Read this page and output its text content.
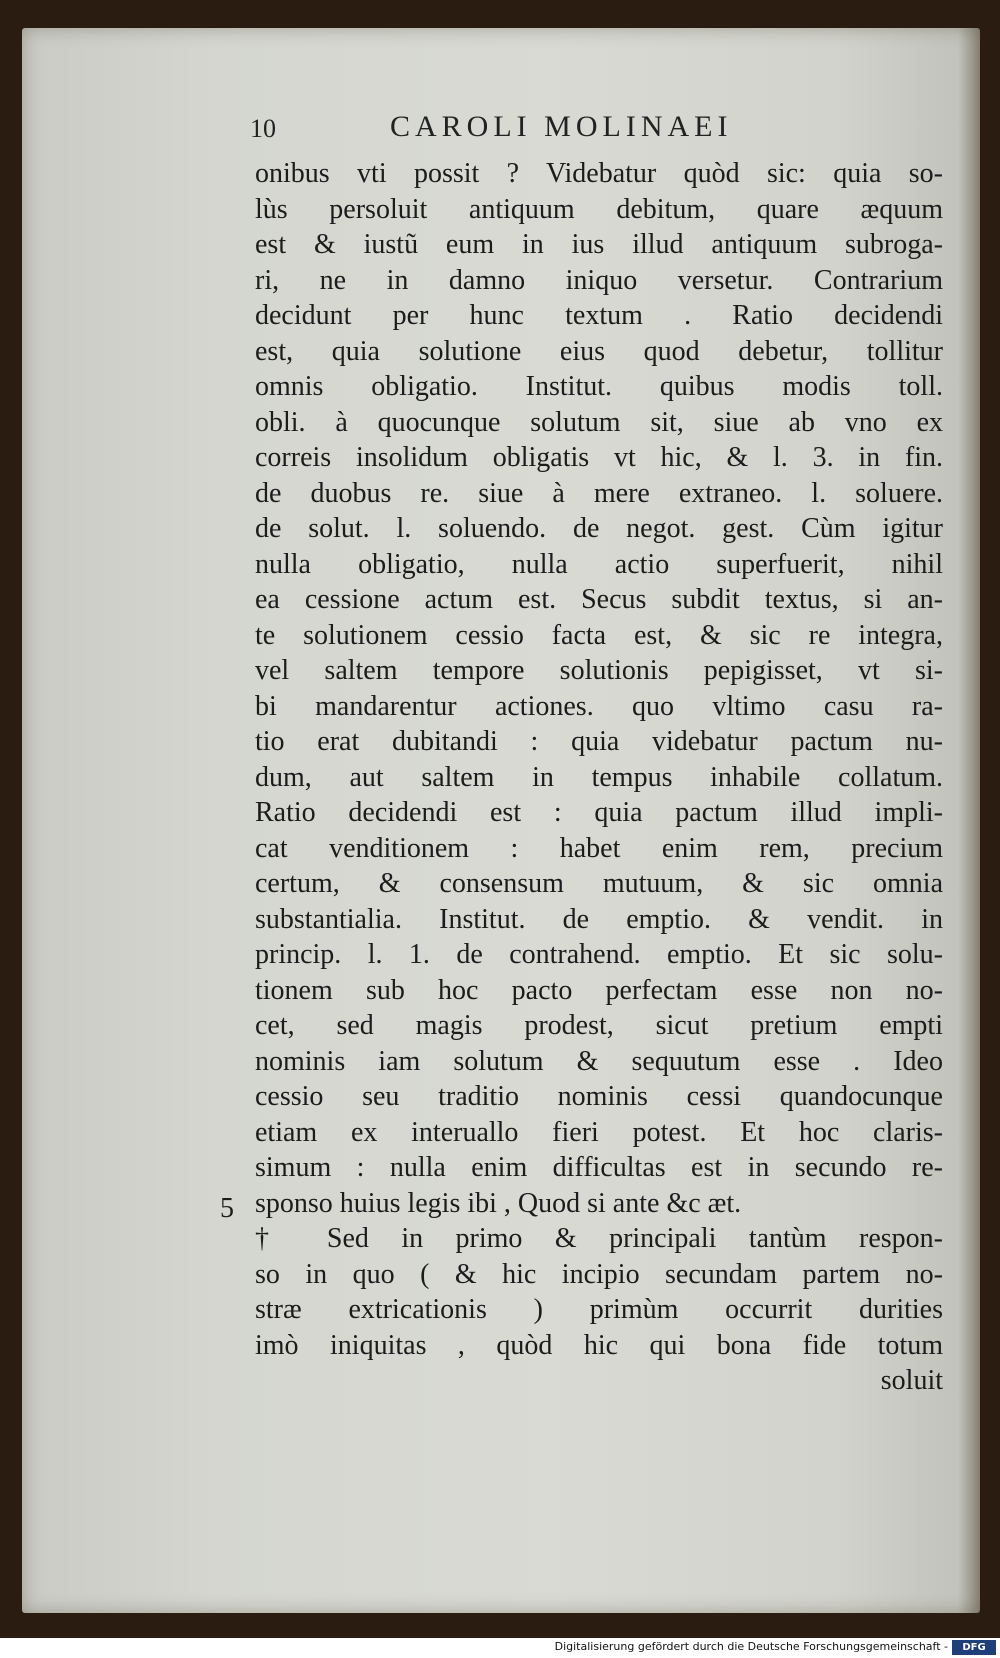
10	CAROLI MOLINAEI
5
onibus vti possit ? Videbatur quòd sic: quia so-
lùs persoluit antiquum debitum, quare æquum
est & iustũ eum in ius illud antiquum subroga-
ri, ne in damno iniquo versetur. Contrarium
decidunt per hunc textum . Ratio decidendi
est, quia solutione eius quod debetur, tollitur
omnis obligatio. Institut. quibus modis toll.
obli. à quocunque solutum sit, siue ab vno ex
correis insolidum obligatis vt hic, & l. 3. in fin.
de duobus re. siue à mere extraneo. l. soluere.
de solut. l. soluendo. de negot. gest. Cùm igitur
nulla obligatio, nulla actio superfuerit, nihil
ea cessione actum est. Secus subdit textus, si an-
te solutionem cessio facta est, & sic re integra,
vel saltem tempore solutionis pepigisset, vt si-
bi mandarentur actiones. quo vltimo casu ra-
tio erat dubitandi : quia videbatur pactum nu-
dum, aut saltem in tempus inhabile collatum.
Ratio decidendi est : quia pactum illud impli-
cat venditionem : habet enim rem, precium
certum, & consensum mutuum, & sic omnia
substantialia. Institut. de emptio. & vendit. in
princip. l. 1. de contrahend. emptio. Et sic solu-
tionem sub hoc pacto perfectam esse non no-
cet, sed magis prodest, sicut pretium empti
nominis iam solutum & sequutum esse . Ideo
cessio seu traditio nominis cessi quandocunque
etiam ex interuallo fieri potest. Et hoc claris-
simum : nulla enim difficultas est in secundo re-
sponso huius legis ibi , Quod si ante &c æt.
† Sed in primo & principali tantùm respon-
so in quo ( & hic incipio secundam partem no-
stræ extricationis ) primùm occurrit durities
imò iniquitas , quòd hic qui bona fide totum
soluit
Digitalisierung gefördert durch die Deutsche Forschungsgemeinschaft -	DFG
